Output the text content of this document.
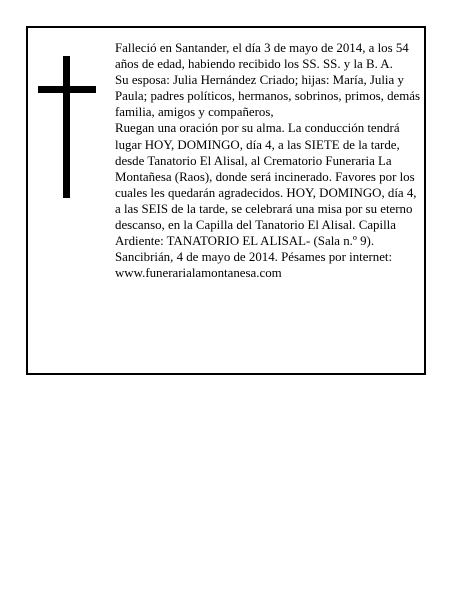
Falleció en Santander, el día 3 de mayo de 2014, a los 54 años de edad, habiendo recibido los SS. SS. y la B. A.

Su esposa: Julia Hernández Criado; hijas: María, Julia y Paula; padres políticos, hermanos, sobrinos, primos, demás familia, amigos y compañeros,

Ruegan una oración por su alma. La conducción tendrá lugar HOY, DOMINGO, día 4, a las SIETE de la tarde, desde Tanatorio El Alisal, al Crematorio Funeraria La Montañesa (Raos), donde será incinerado. Favores por los cuales les quedarán agradecidos. HOY, DOMINGO, día 4, a las SEIS de la tarde, se celebrará una misa por su eterno descanso, en la Capilla del Tanatorio El Alisal. Capilla Ardiente: TANATORIO EL ALISAL- (Sala n.º 9).

Sancibrián, 4 de mayo de 2014. Pésames por internet: www.funerarialamontanesa.com
